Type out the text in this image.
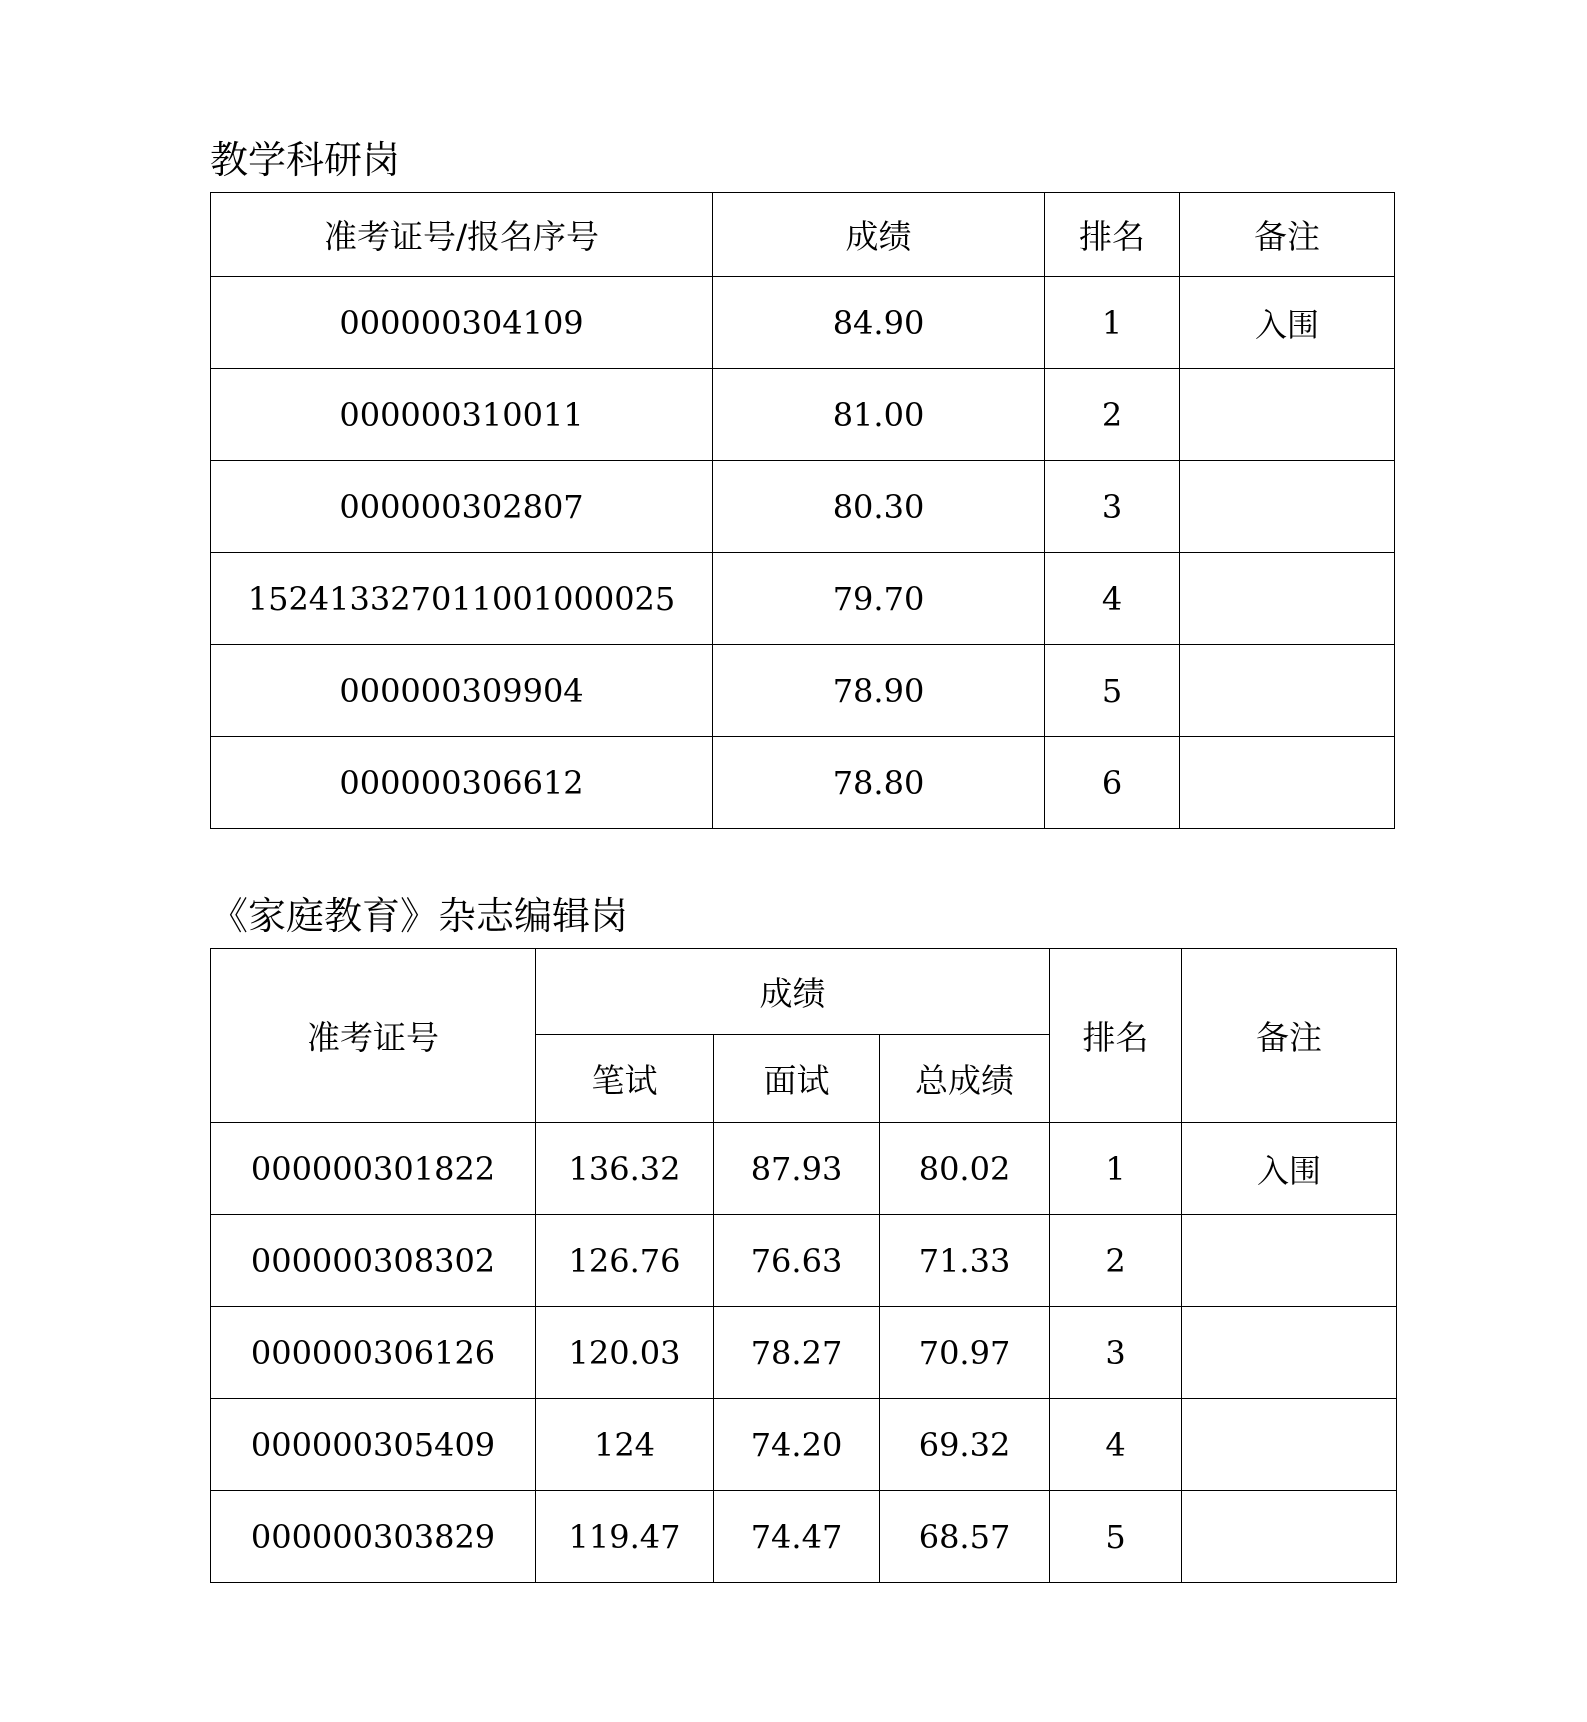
教学科研岗
准考证号/报名序号	成绩	排名	备注
000000304109	84.90	1	入围
000000310011	81.00	2	
000000302807	80.30	3	
152413327011001000025	79.70	4	
000000309904	78.90	5	
000000306612	78.80	6	
《家庭教育》杂志编辑岗
准考证号	成绩			排名	备注
	笔试	面试	总成绩		
000000301822	136.32	87.93	80.02	1	入围
000000308302	126.76	76.63	71.33	2	
000000306126	120.03	78.27	70.97	3	
000000305409	124	74.20	69.32	4	
000000303829	119.47	74.47	68.57	5	
